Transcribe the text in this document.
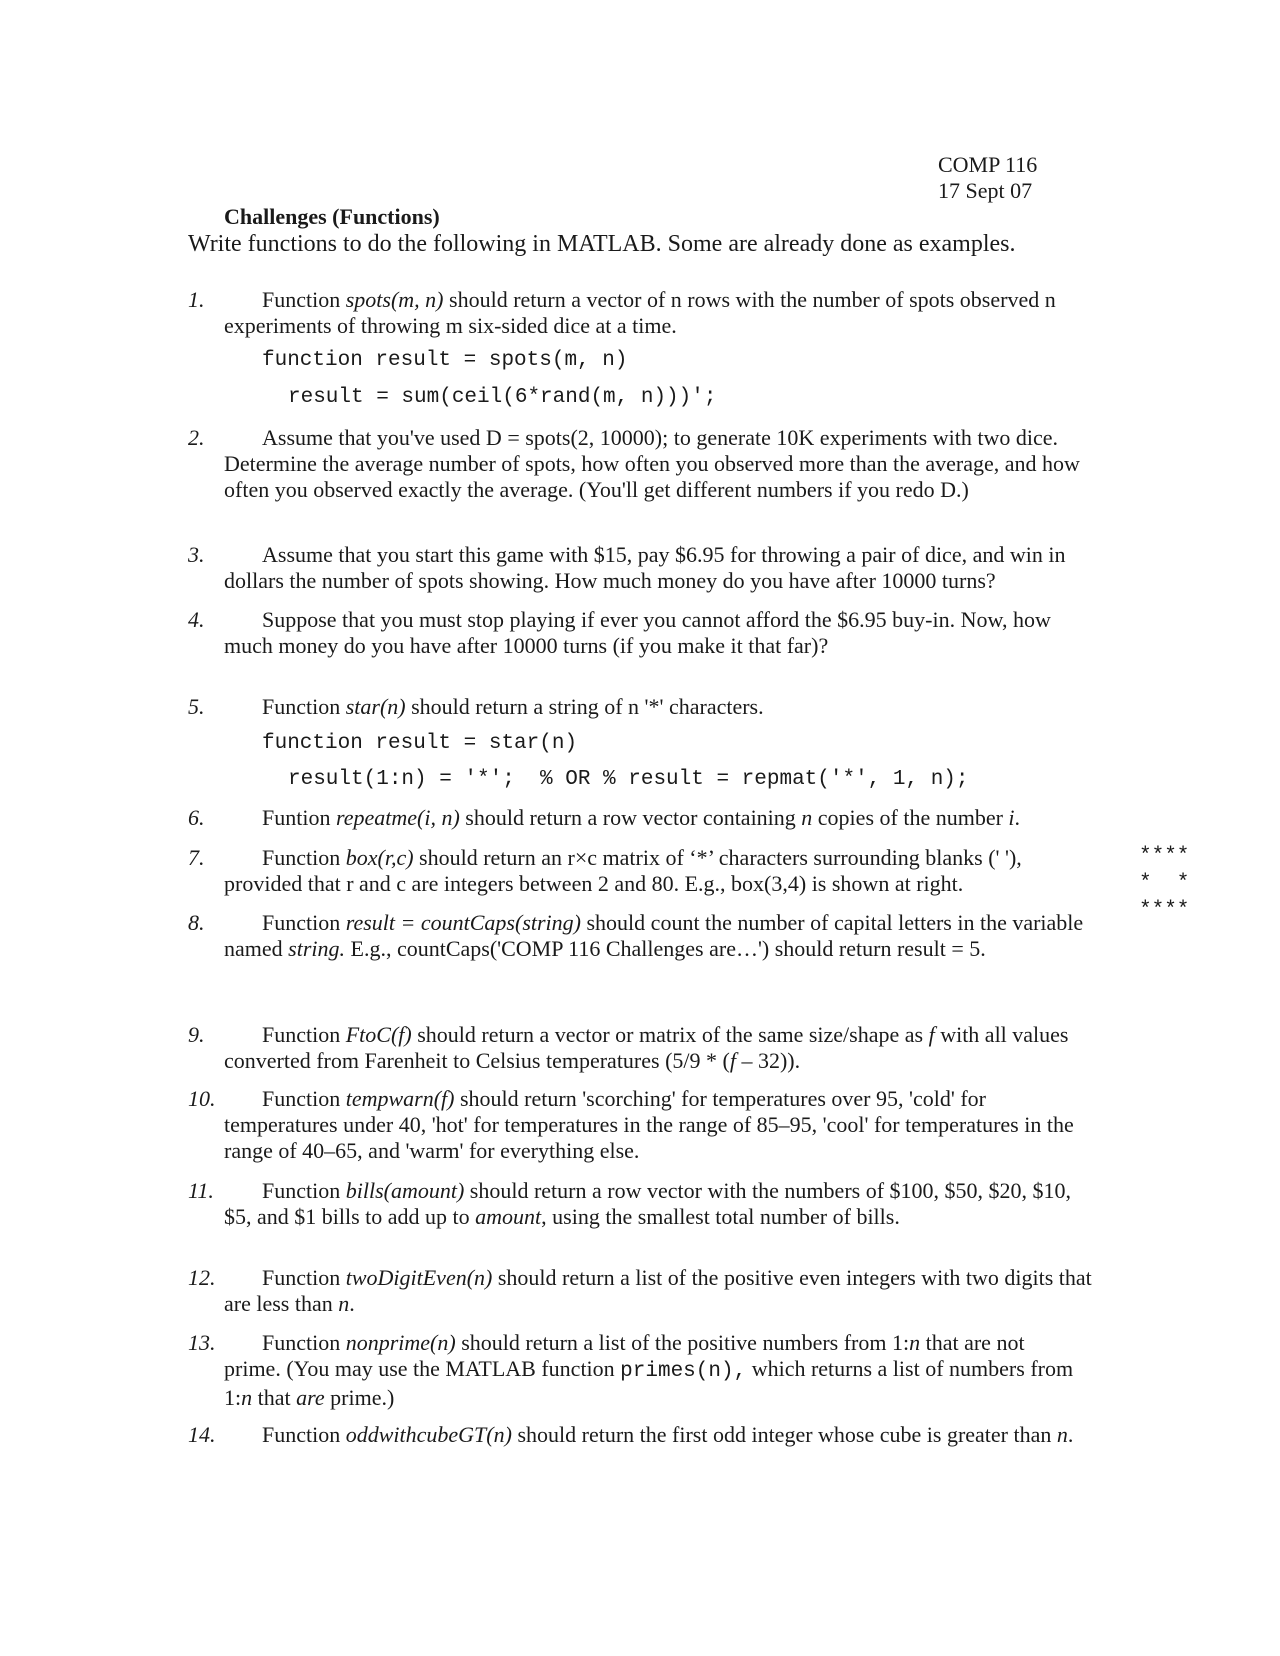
COMP 116
17 Sept 07
Challenges (Functions)
Write functions to do the following in MATLAB. Some are already done as examples.
1.	Function spots(m, n) should return a vector of n rows with the number of spots observed n experiments of throwing m six-sided dice at a time.
function result = spots(m, n)
result = sum(ceil(6*rand(m, n)))';
2.	Assume that you've used D = spots(2, 10000); to generate 10K experiments with two dice. Determine the average number of spots, how often you observed more than the average, and how often you observed exactly the average. (You'll get different numbers if you redo D.)
3.	Assume that you start this game with $15, pay $6.95 for throwing a pair of dice, and win in dollars the number of spots showing. How much money do you have after 10000 turns?
4.	Suppose that you must stop playing if ever you cannot afford the $6.95 buy-in. Now, how much money do you have after 10000 turns (if you make it that far)?
5.	Function star(n) should return a string of n '*' characters.
function result = star(n)
result(1:n) = '*';  % OR % result = repmat('*', 1, n);
6.	Funtion repeatme(i, n) should return a row vector containing n copies of the number i.
7.	Function box(r,c) should return an r×c matrix of ‘*’ characters surrounding blanks (' '), provided that r and c are integers between 2 and 80. E.g., box(3,4) is shown at right.
****
*  *
****
8.	Function result = countCaps(string) should count the number of capital letters in the variable named string. E.g., countCaps('COMP 116 Challenges are…') should return result = 5.
9.	Function FtoC(f) should return a vector or matrix of the same size/shape as f with all values converted from Farenheit to Celsius temperatures (5/9 * (f – 32)).
10.	Function tempwarn(f) should return 'scorching' for temperatures over 95, 'cold' for temperatures under 40, 'hot' for temperatures in the range of 85–95, 'cool' for temperatures in the range of 40–65, and 'warm' for everything else.
11.	Function bills(amount) should return a row vector with the numbers of $100, $50, $20, $10, $5, and $1 bills to add up to amount, using the smallest total number of bills.
12.	Function twoDigitEven(n) should return a list of the positive even integers with two digits that are less than n.
13.	Function nonprime(n) should return a list of the positive numbers from 1:n that are not prime. (You may use the MATLAB function primes(n), which returns a list of numbers from 1:n that are prime.)
14.	Function oddwithcubeGT(n) should return the first odd integer whose cube is greater than n.
